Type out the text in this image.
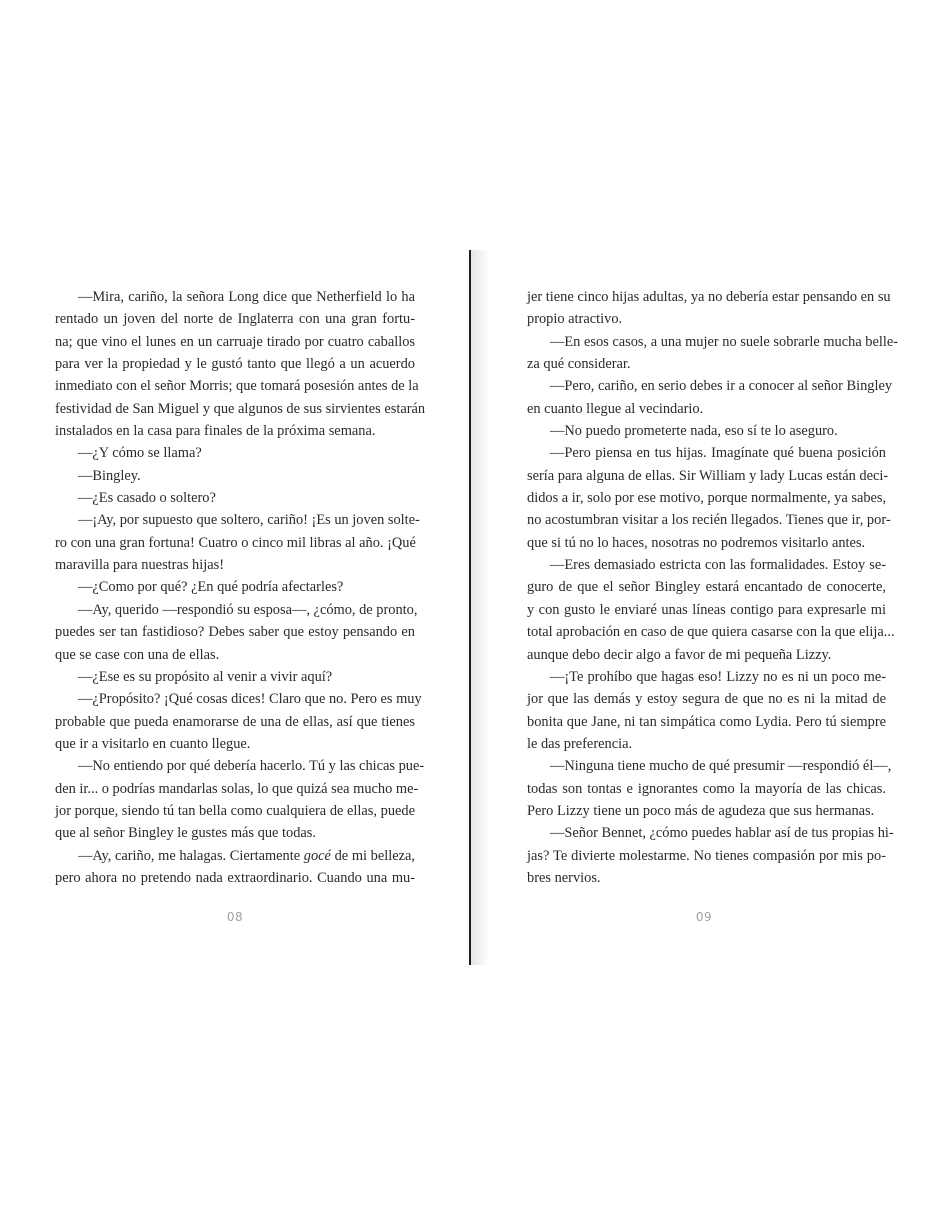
—Mira, cariño, la señora Long dice que Netherfield lo ha

rentado un joven del norte de Inglaterra con una gran fortu-

na; que vino el lunes en un carruaje tirado por cuatro caballos

para ver la propiedad y le gustó tanto que llegó a un acuerdo

inmediato con el señor Morris; que tomará posesión antes de la

festividad de San Miguel y que algunos de sus sirvientes estarán

instalados en la casa para finales de la próxima semana.

—¿Y cómo se llama?

—Bingley.

—¿Es casado o soltero?

—¡Ay, por supuesto que soltero, cariño! ¡Es un joven solte-

ro con una gran fortuna! Cuatro o cinco mil libras al año. ¡Qué

maravilla para nuestras hijas!

—¿Como por qué? ¿En qué podría afectarles?

—Ay, querido —respondió su esposa—, ¿cómo, de pronto,

puedes ser tan fastidioso? Debes saber que estoy pensando en

que se case con una de ellas.

—¿Ese es su propósito al venir a vivir aquí?

—¿Propósito? ¡Qué cosas dices! Claro que no. Pero es muy

probable que pueda enamorarse de una de ellas, así que tienes

que ir a visitarlo en cuanto llegue.

—No entiendo por qué debería hacerlo. Tú y las chicas pue-

den ir... o podrías mandarlas solas, lo que quizá sea mucho me-

jor porque, siendo tú tan bella como cualquiera de ellas, puede

que al señor Bingley le gustes más que todas.

—Ay, cariño, me halagas. Ciertamente gocé de mi belleza,

pero ahora no pretendo nada extraordinario. Cuando una mu-

jer tiene cinco hijas adultas, ya no debería estar pensando en su

propio atractivo.

—En esos casos, a una mujer no suele sobrarle mucha belle-

za qué considerar.

—Pero, cariño, en serio debes ir a conocer al señor Bingley

en cuanto llegue al vecindario.

—No puedo prometerte nada, eso sí te lo aseguro.

—Pero piensa en tus hijas. Imagínate qué buena posición

sería para alguna de ellas. Sir William y lady Lucas están deci-

didos a ir, solo por ese motivo, porque normalmente, ya sabes,

no acostumbran visitar a los recién llegados. Tienes que ir, por-

que si tú no lo haces, nosotras no podremos visitarlo antes.

—Eres demasiado estricta con las formalidades. Estoy se-

guro de que el señor Bingley estará encantado de conocerte,

y con gusto le enviaré unas líneas contigo para expresarle mi

total aprobación en caso de que quiera casarse con la que elija...

aunque debo decir algo a favor de mi pequeña Lizzy.

—¡Te prohíbo que hagas eso! Lizzy no es ni un poco me-

jor que las demás y estoy segura de que no es ni la mitad de

bonita que Jane, ni tan simpática como Lydia. Pero tú siempre

le das preferencia.

—Ninguna tiene mucho de qué presumir —respondió él—,

todas son tontas e ignorantes como la mayoría de las chicas.

Pero Lizzy tiene un poco más de agudeza que sus hermanas.

—Señor Bennet, ¿cómo puedes hablar así de tus propias hi-

jas? Te divierte molestarme. No tienes compasión por mis po-

bres nervios.

08	09
